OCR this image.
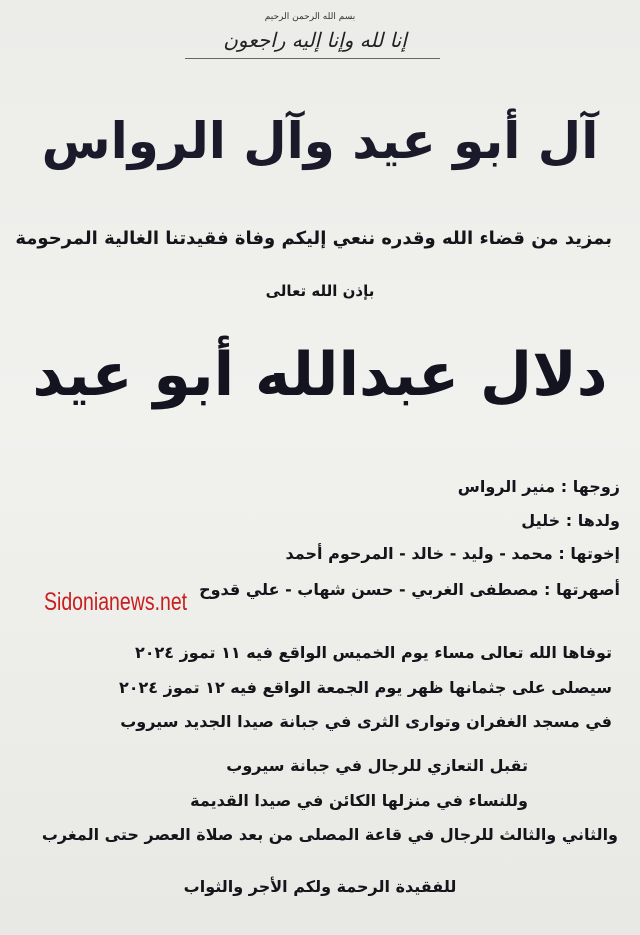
بسم الله الرحمن الرحيم
إنا لله وإنا إليه راجعون
آل أبو عيد وآل الرواس
بمزيد من قضاء الله وقدره ننعي إليكم وفاة فقيدتنا الغالية المرحومة
بإذن الله تعالى
دلال عبدالله أبو عيد
زوجها : منير الرواس
ولدها : خليل
إخوتها : محمد - وليد - خالد - المرحوم أحمد
أصهرتها : مصطفى الغربي - حسن شهاب - علي قدوح
Sidonianews.net
توفاها الله تعالى مساء يوم الخميس الواقع فيه ١١ تموز ٢٠٢٤
سيصلى على جثمانها ظهر يوم الجمعة الواقع فيه ١٢ تموز ٢٠٢٤
في مسجد الغفران وتوارى الثرى في جبانة صيدا الجديد سيروب
تقبل التعازي للرجال في جبانة سيروب
وللنساء في منزلها الكائن في صيدا القديمة
والثاني والثالث للرجال في قاعة المصلى من بعد صلاة العصر حتى المغرب
للفقيدة الرحمة ولكم الأجر والثواب
